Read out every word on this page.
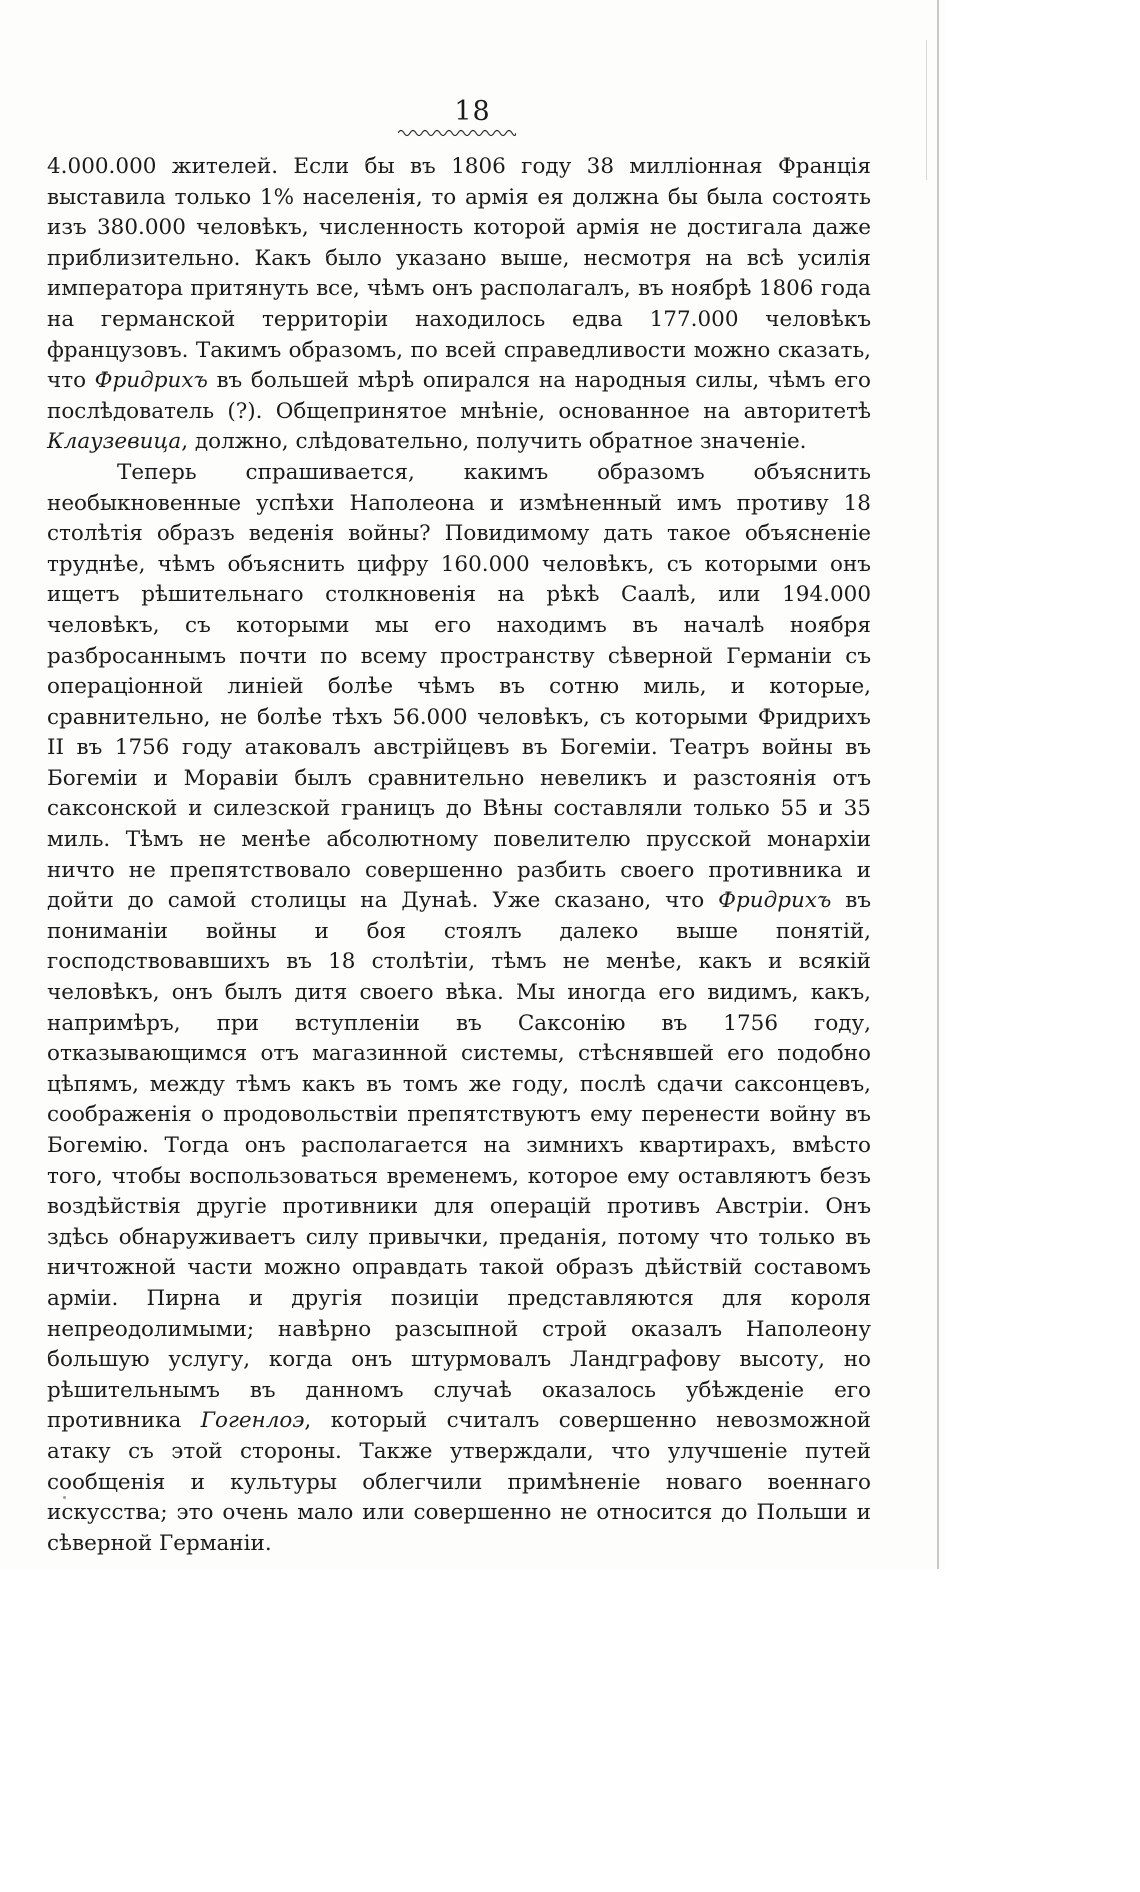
18

4.000.000 жителей. Если бы въ 1806 году 38 милліонная Франція выставила только 1% населенія, то армія ея должна бы была состоять изъ 380.000 человѣкъ, численность которой армія не достигала даже приблизительно. Какъ было указано выше, несмотря на всѣ усилія императора притянуть все, чѣмъ онъ располагалъ, въ ноябрѣ 1806 года на германской территоріи находилось едва 177.000 человѣкъ французовъ. Такимъ образомъ, по всей справедливости можно сказать, что Фридрихъ въ большей мѣрѣ опирался на народныя силы, чѣмъ его послѣдователь (?). Общепринятое мнѣніе, основанное на авторитетѣ Клаузевица, должно, слѣдовательно, получить обратное значеніе.

Теперь спрашивается, какимъ образомъ объяснить необыкновенные успѣхи Наполеона и измѣненный имъ противу 18 столѣтія образъ веденія войны? Повидимому дать такое объясненіе труднѣе, чѣмъ объяснить цифру 160.000 человѣкъ, съ которыми онъ ищетъ рѣшительнаго столкновенія на рѣкѣ Саалѣ, или 194.000 человѣкъ, съ которыми мы его находимъ въ началѣ ноября разбросаннымъ почти по всему пространству сѣверной Германіи съ операціонной линіей болѣе чѣмъ въ сотню миль, и которые, сравнительно, не болѣе тѣхъ 56.000 человѣкъ, съ которыми Фридрихъ II въ 1756 году атаковалъ австрійцевъ въ Богеміи. Театръ войны въ Богеміи и Моравіи былъ сравнительно невеликъ и разстоянія отъ саксонской и силезской границъ до Вѣны составляли только 55 и 35 миль. Тѣмъ не менѣе абсолютному повелителю прусской монархіи ничто не препятствовало совершенно разбить своего противника и дойти до самой столицы на Дунаѣ. Уже сказано, что Фридрихъ въ пониманіи войны и боя стоялъ далеко выше понятій, господствовавшихъ въ 18 столѣтіи, тѣмъ не менѣе, какъ и всякій человѣкъ, онъ былъ дитя своего вѣка. Мы иногда его видимъ, какъ, напримѣръ, при вступленіи въ Саксонію въ 1756 году, отказывающимся отъ магазинной системы, стѣснявшей его подобно цѣпямъ, между тѣмъ какъ въ томъ же году, послѣ сдачи саксонцевъ, соображенія о продовольствіи препятствуютъ ему перенести войну въ Богемію. Тогда онъ располагается на зимнихъ квартирахъ, вмѣсто того, чтобы воспользоваться временемъ, которое ему оставляютъ безъ воздѣйствія другіе противники для операцій противъ Австріи. Онъ здѣсь обнаруживаетъ силу привычки, преданія, потому что только въ ничтожной части можно оправдать такой образъ дѣйствій составомъ арміи. Пирна и другія позиціи представляются для короля непреодолимыми; навѣрно разсыпной строй оказалъ Наполеону большую услугу, когда онъ штурмовалъ Ландграфову высоту, но рѣшительнымъ въ данномъ случаѣ оказалось убѣжденіе его противника Гогенлоэ, который считалъ совершенно невозможной атаку съ этой стороны. Также утверждали, что улучшеніе путей сообщенія и культуры облегчили примѣненіе новаго военнаго искусства; это очень мало или совершенно не относится до Польши и сѣверной Германіи.
